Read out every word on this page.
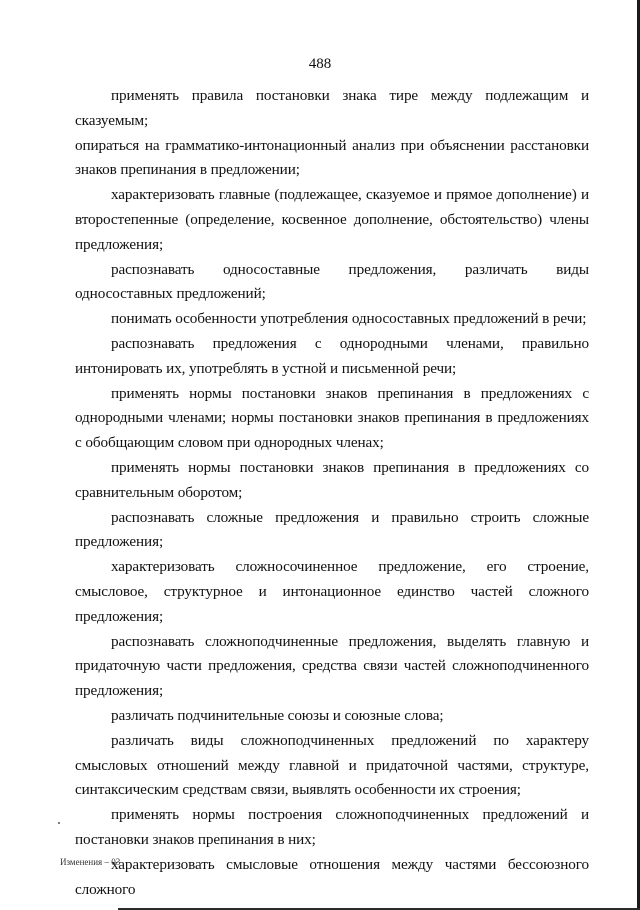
488

применять правила постановки знака тире между подлежащим и сказуемым;

опираться на грамматико-интонационный анализ при объяснении расстановки знаков препинания в предложении;

характеризовать главные (подлежащее, сказуемое и прямое дополнение) и второстепенные (определение, косвенное дополнение, обстоятельство) члены предложения;

распознавать односоставные предложения, различать виды односоставных предложений;

понимать особенности употребления односоставных предложений в речи;

распознавать предложения с однородными членами, правильно интонировать их, употреблять в устной и письменной речи;

применять нормы постановки знаков препинания в предложениях с однородными членами; нормы постановки знаков препинания в предложениях с обобщающим словом при однородных членах;

применять нормы постановки знаков препинания в предложениях со сравнительным оборотом;

распознавать сложные предложения и правильно строить сложные предложения;

характеризовать сложносочиненное предложение, его строение, смысловое, структурное и интонационное единство частей сложного предложения;

распознавать сложноподчиненные предложения, выделять главную и придаточную части предложения, средства связи частей сложноподчиненного предложения;

различать подчинительные союзы и союзные слова;

различать виды сложноподчиненных предложений по характеру смысловых отношений между главной и придаточной частями, структуре, синтаксическим средствам связи, выявлять особенности их строения;

применять нормы построения сложноподчиненных предложений и постановки знаков препинания в них;

характеризовать смысловые отношения между частями бессоюзного сложного

Изменения – 03
